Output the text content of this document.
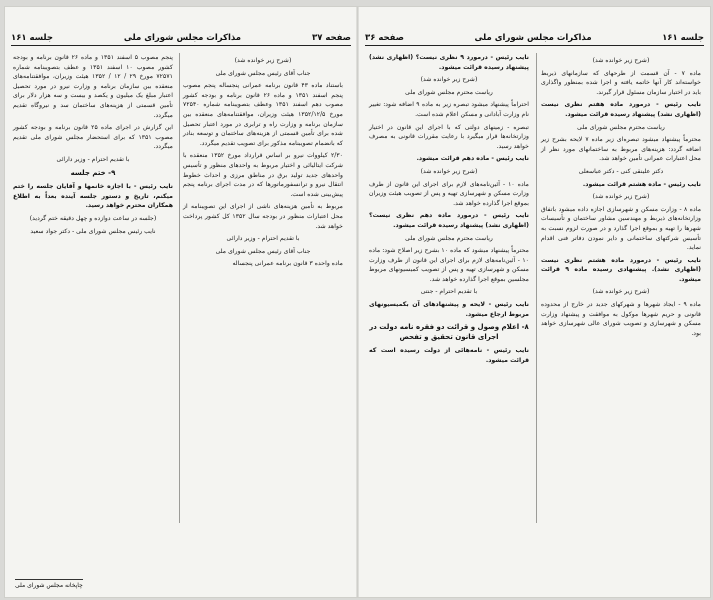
صفحه ۳۷
مذاکرات مجلس شورای ملی
جلسه ۱۶۱

(شرح زیر خوانده شد)

جناب آقای رئیس مجلس شورای ملی

باستناد ماده ۴۳ قانون برنامه عمرانی پنجساله پنجم مصوب پنجم اسفند ۱۳۵۱ و ماده ۲۶ قانون برنامه و بودجه کشور مصوب دهم اسفند ۱۳۵۱ وعطف بتصویبنامه شماره ۷۲۵۴۰ مورخ ۱۳۵۲/۱۲/۵ هیئت وزیران، موافقتنامه‌های منعقده بین سازمان برنامه و وزارت راه و ترابری در مورد اعتبار تحصیل شده برای تأمین قسمتی از هزینه‌های ساختمان و توسعه بنادر که بانضمام تصویبنامه مذکور برای تصویب تقدیم میگردد.

۲/۳۰ کیلووات نیرو بر اساس قرارداد مورخ ۱۳۵۲ منعقده با شرکت ایتالیائی و اختیار مربوط به واحدهای منظور و تأسیس واحدهای جدید تولید برق در مناطق مرزی و احداث خطوط انتقال نیرو و ترانسفورماتورها که در مدت اجرای برنامه پنجم پیش‌بینی شده است.

مربوط به تأمین هزینه‌های ناشی از اجرای این تصویبنامه از محل اعتبارات منظور در بودجه سال ۱۳۵۲ کل کشور پرداخت خواهد شد.

با تقدیم احترام - وزیر دارائی

جناب آقای رئیس مجلس شورای ملی

ماده واحده ۳ قانون برنامه عمرانی پنجساله

پنجم مصوب ۵ اسفند ۱۳۵۱ و ماده ۲۶ قانون برنامه و بودجه کشور مصوب ۱۰ اسفند ۱۳۵۱ و عطف بتصویبنامه شماره ۷۲۵۷۱ مورخ ۲۹ / ۱۲ / ۱۳۵۲ هیئت وزیران، موافقتنامه‌های منعقده بین سازمان برنامه و وزارت نیرو در مورد تحصیل اعتبار مبلغ یک میلیون و یکصد و بیست و سه هزار دلار برای تأمین قسمتی از هزینه‌های ساختمان سد و نیروگاه تقدیم میگردد.

این گزارش در اجرای ماده ۲۵ قانون برنامه و بودجه کشور مصوب ۱۳۵۱ که برای استحضار مجلس شورای ملی تقدیم میگردد.

با تقدیم احترام - وزیر دارائی

۹- ختم جلسه

نایب رئیس - با اجازه خانمها و آقایان جلسه را ختم میکنم، تاریخ و دستور جلسه آینده بعداً به اطلاع همکاران محترم خواهد رسید.

(جلسه در ساعت دوازده و چهل دقیقه ختم گردید)

نایب رئیس مجلس شورای ملی - دکتر جواد سعید

چاپخانه مجلس شورای ملی
جلسه ۱۶۱
مذاکرات مجلس شورای ملی
صفحه ۳۶

(شرح زیر خوانده شد)

ماده ۷ - آن قسمت از طرحهای که سازمانهای ذیربط خواسته‌اند کار آنها خاتمه یافته و اجرا شده بمنظور واگذاری باید در اختیار سازمان مسئول قرار گیرند.

نایب رئیس - درمورد ماده هفتم نظری نیست (اظهاری نشد) پیشنهاد رسیده قرائت میشود.

ریاست محترم مجلس شورای ملی

محترماً پیشنهاد میشود تبصره‌ای زیر ماده ۷ لایحه بشرح زیر اضافه گردد: هزینه‌های مربوط به ساختمانهای مورد نظر از محل اعتبارات عمرانی تأمین خواهد شد.

دکتر علینقی کنی - دکتر عباسعلی

نایب رئیس - ماده هشتم قرائت میشود.

(شرح زیر خوانده شد)

ماده ۸ - وزارت مسکن و شهرسازی اجازه داده میشود باتفاق وزارتخانه‌های ذیربط و مهندسین مشاور ساختمان و تأسیسات شهرها را تهیه و بموقع اجرا گذارد و در صورت لزوم نسبت به تأسیس شرکتهای ساختمانی و دایر نمودن دفاتر فنی اقدام نماید.

نایب رئیس - درمورد ماده هشتم نظری نیست (اظهاری نشد). پیشنهادی رسیده ماده ۹ قرائت میشود.

(شرح زیر خوانده شد)

ماده ۹ - ایجاد شهرها و شهرکهای جدید در خارج از محدوده قانونی و حریم شهرها موکول به موافقت و پیشنهاد وزارت مسکن و شهرسازی و تصویب شورای عالی شهرسازی خواهد بود.

نایب رئیس - درمورد ۹ نظری نیست؟ (اظهاری نشد) پیشنهاد رسیده قرائت میشود.

(شرح زیر خوانده شد)

ریاست محترم مجلس شورای ملی

احتراماً پیشنهاد میشود تبصره زیر به ماده ۹ اضافه شود: تغییر نام وزارت آبادانی و مسکن اعلام شده است.

تبصره - زمینهای دولتی که با اجرای این قانون در اختیار وزارتخانه‌ها قرار میگیرد با رعایت مقررات قانونی به مصرف خواهد رسید.

نایب رئیس - ماده دهم قرائت میشود.

(شرح زیر خوانده شد)

ماده ۱۰ - آئین‌نامه‌های لازم برای اجرای این قانون از طرف وزارت مسکن و شهرسازی تهیه و پس از تصویب هیئت وزیران بموقع اجرا گذارده خواهد شد.

نایب رئیس - درمورد ماده دهم نظری نیست؟ (اظهاری نشد) پیشنهاد رسیده قرائت میشود.

ریاست محترم مجلس شورای ملی

محترماً پیشنهاد میشود که ماده ۱۰ بشرح زیر اصلاح شود: ماده ۱۰ - آئین‌نامه‌های لازم برای اجرای این قانون از طرف وزارت مسکن و شهرسازی تهیه و پس از تصویب کمیسیونهای مربوط مجلسین بموقع اجرا گذارده خواهد شد.

با تقدیم احترام - جنتی

نایب رئیس - لایحه و پیشنهادهای آن بکمیسیونهای مربوط ارجاع میشود.

۸- اعلام وصول و قرائت دو فقره نامه دولت در اجرای قانون تحقیق و تفحص

نایب رئیس - نامه‌هائی از دولت رسیده است که قرائت میشود.
